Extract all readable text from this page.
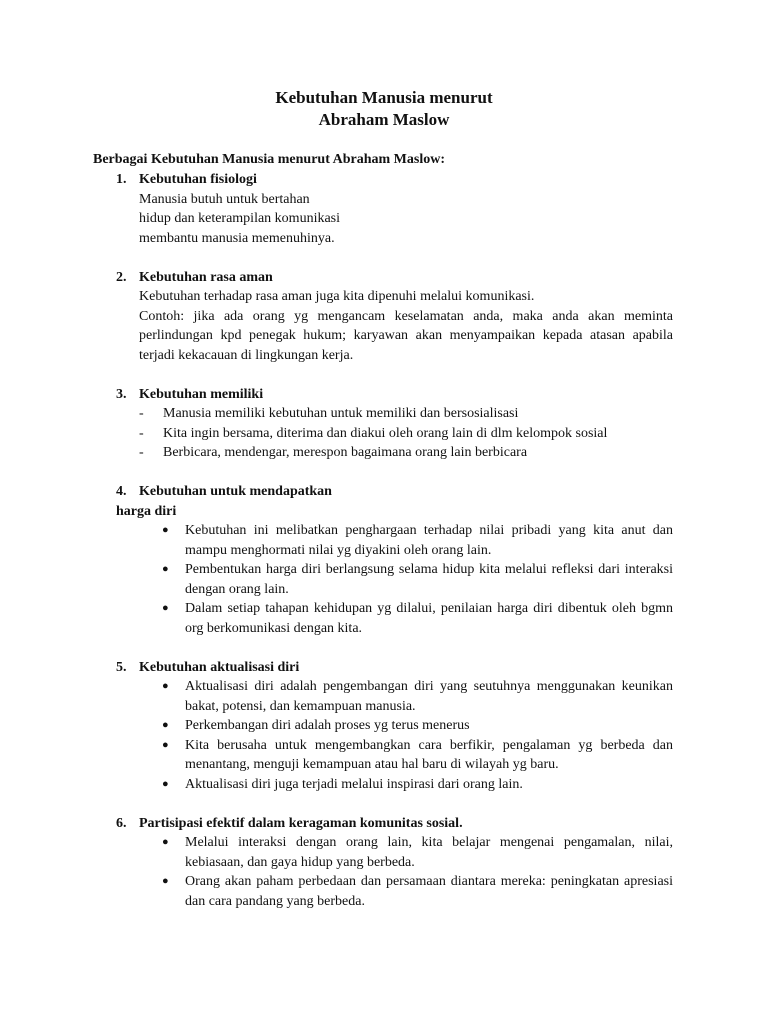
Kebutuhan Manusia menurut
Abraham Maslow
Berbagai Kebutuhan Manusia menurut Abraham Maslow:
1. Kebutuhan fisiologi
Manusia butuh untuk bertahan
hidup dan keterampilan komunikasi
membantu manusia memenuhinya.
2. Kebutuhan rasa aman
Kebutuhan terhadap rasa aman juga kita dipenuhi melalui komunikasi.
Contoh: jika ada orang yg mengancam keselamatan anda, maka anda akan meminta perlindungan kpd penegak hukum; karyawan akan menyampaikan kepada atasan apabila terjadi kekacauan di lingkungan kerja.
3. Kebutuhan memiliki
- Manusia memiliki kebutuhan untuk memiliki dan bersosialisasi
- Kita ingin bersama, diterima dan diakui oleh orang lain di dlm kelompok sosial
- Berbicara, mendengar, merespon bagaimana orang lain berbicara
4. Kebutuhan untuk mendapatkan
harga diri
● Kebutuhan ini melibatkan penghargaan terhadap nilai pribadi yang kita anut dan mampu menghormati nilai yg diyakini oleh orang lain.
● Pembentukan harga diri berlangsung selama hidup kita melalui refleksi dari interaksi dengan orang lain.
● Dalam setiap tahapan kehidupan yg dilalui, penilaian harga diri dibentuk oleh bgmn org berkomunikasi dengan kita.
5. Kebutuhan aktualisasi diri
● Aktualisasi diri adalah pengembangan diri yang seutuhnya menggunakan keunikan bakat, potensi, dan kemampuan manusia.
● Perkembangan diri adalah proses yg terus menerus
● Kita berusaha untuk mengembangkan cara berfikir, pengalaman yg berbeda dan menantang, menguji kemampuan atau hal baru di wilayah yg baru.
● Aktualisasi diri juga terjadi melalui inspirasi dari orang lain.
6. Partisipasi efektif dalam keragaman komunitas sosial.
● Melalui interaksi dengan orang lain, kita belajar mengenai pengamalan, nilai, kebiasaan, dan gaya hidup yang berbeda.
● Orang akan paham perbedaan dan persamaan diantara mereka: peningkatan apresiasi dan cara pandang yang berbeda.
